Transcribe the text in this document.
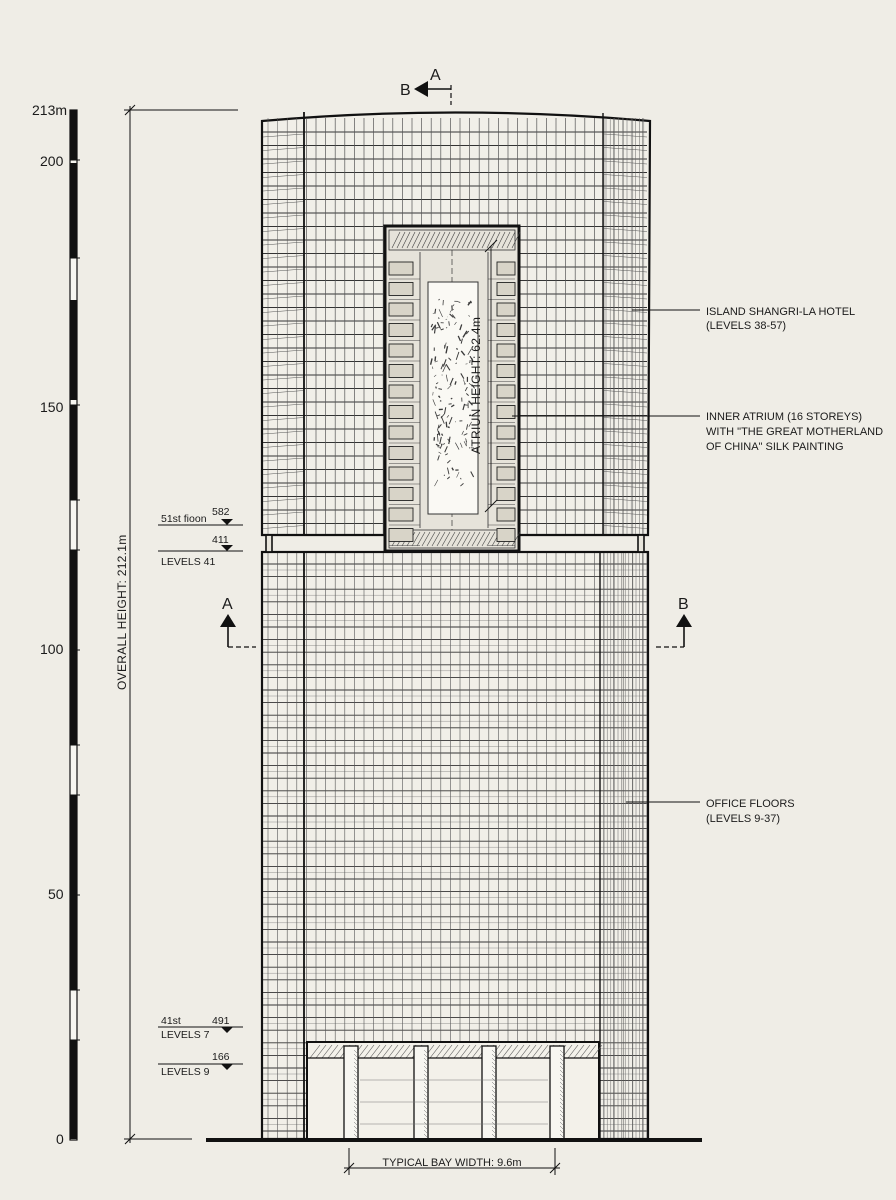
213m
200
150
100
50
0
OVERALL HEIGHT: 212.1m
ATRIUN HEIGHT: 62.4m
B
A
A	B
51st fioon
582
411
LEVELS 41
41st	491
LEVELS 7
166
LEVELS 9
ISLAND SHANGRI-LA HOTEL
(LEVELS 38-57)
INNER ATRIUM (16 STOREYS)
WITH "THE GREAT MOTHERLAND
OF CHINA" SILK PAINTING
OFFICE FLOORS
(LEVELS 9-37)
TYPICAL BAY WIDTH: 9.6m
